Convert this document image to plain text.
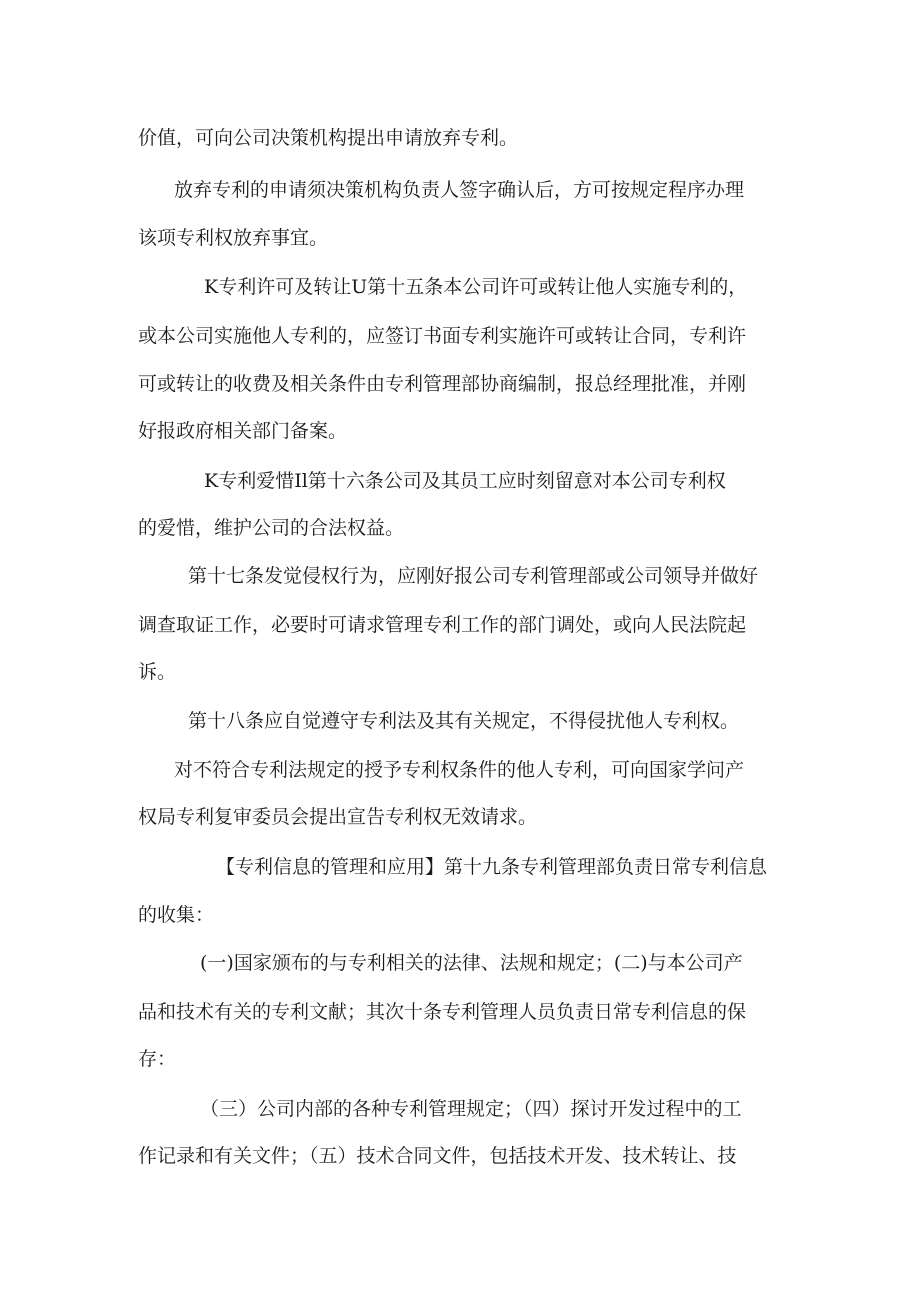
价值，可向公司决策机构提出申请放弃专利。

放弃专利的申请须决策机构负责人签字确认后，方可按规定程序办理

该项专利权放弃事宜。

K专利许可及转让U第十五条本公司许可或转让他人实施专利的，

或本公司实施他人专利的，应签订书面专利实施许可或转让合同，专利许

可或转让的收费及相关条件由专利管理部协商编制，报总经理批准，并刚

好报政府相关部门备案。

K专利爱惜Il第十六条公司及其员工应时刻留意对本公司专利权

的爱惜，维护公司的合法权益。

第十七条发觉侵权行为，应刚好报公司专利管理部或公司领导并做好

调查取证工作，必要时可请求管理专利工作的部门调处，或向人民法院起

诉。

第十八条应自觉遵守专利法及其有关规定，不得侵扰他人专利权。

对不符合专利法规定的授予专利权条件的他人专利，可向国家学问产

权局专利复审委员会提出宣告专利权无效请求。

【专利信息的管理和应用】第十九条专利管理部负责日常专利信息

的收集：

(一)国家颁布的与专利相关的法律、法规和规定；(二)与本公司产

品和技术有关的专利文献；其次十条专利管理人员负责日常专利信息的保

存：

（三）公司内部的各种专利管理规定；（四）探讨开发过程中的工

作记录和有关文件；（五）技术合同文件，包括技术开发、技术转让、技
